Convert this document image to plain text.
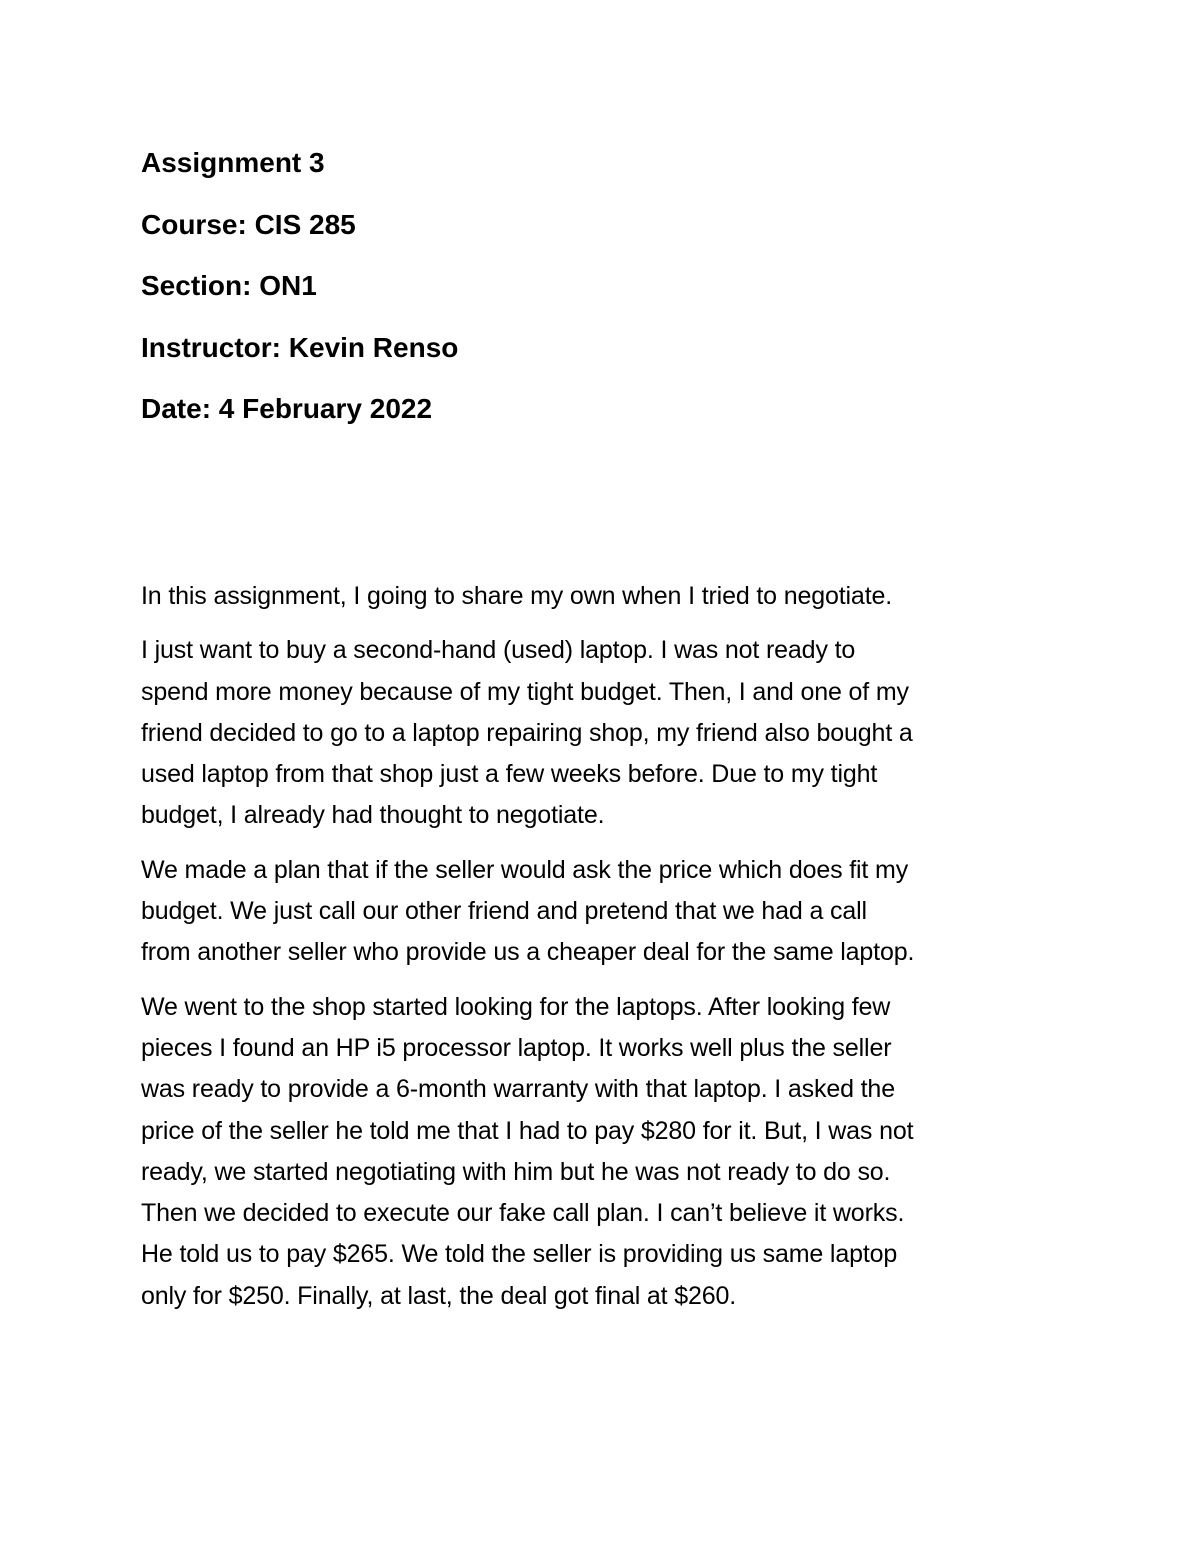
Assignment 3
Course: CIS 285
Section: ON1
Instructor: Kevin Renso
Date: 4 February 2022

In this assignment, I going to share my own when I tried to negotiate.

I just want to buy a second-hand (used) laptop. I was not ready to
spend more money because of my tight budget. Then, I and one of my
friend decided to go to a laptop repairing shop, my friend also bought a
used laptop from that shop just a few weeks before. Due to my tight
budget, I already had thought to negotiate.

We made a plan that if the seller would ask the price which does fit my
budget. We just call our other friend and pretend that we had a call
from another seller who provide us a cheaper deal for the same laptop.

We went to the shop started looking for the laptops. After looking few
pieces I found an HP i5 processor laptop. It works well plus the seller
was ready to provide a 6-month warranty with that laptop. I asked the
price of the seller he told me that I had to pay $280 for it. But, I was not
ready, we started negotiating with him but he was not ready to do so.
Then we decided to execute our fake call plan. I can’t believe it works.
He told us to pay $265. We told the seller is providing us same laptop
only for $250. Finally, at last, the deal got final at $260.
